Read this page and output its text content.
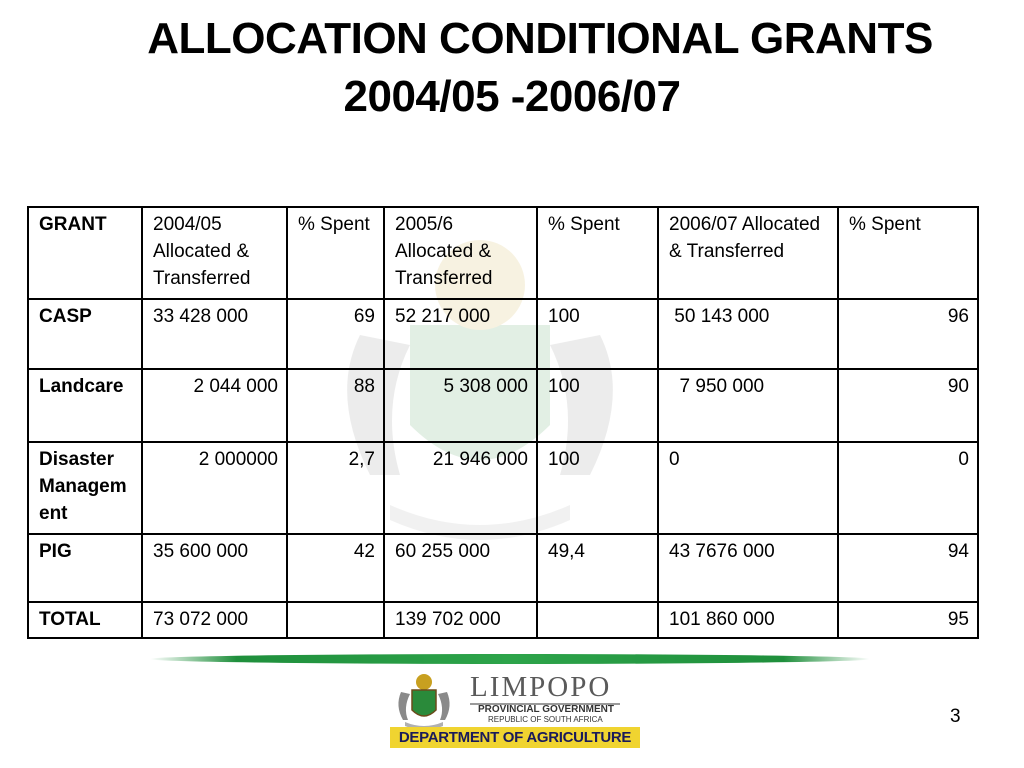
ALLOCATION CONDITIONAL GRANTS
2004/05 -2006/07
GRANT	2004/05 Allocated & Transferred	% Spent	2005/6 Allocated & Transferred	% Spent	2006/07 Allocated & Transferred	% Spent
CASP	33 428 000	69	52 217 000	100	50 143 000	96
Landcare	2 044 000	88	5 308 000	100	7 950 000	90
Disaster Management	2 000000	2,7	21 946 000	100	0	0
PIG	35 600 000	42	60 255 000	49,4	43 7676 000	94
TOTAL	73 072 000		139 702 000		101 860 000	95

LIMPOPO

PROVINCIAL GOVERNMENT

REPUBLIC OF SOUTH AFRICA

DEPARTMENT OF AGRICULTURE

3
